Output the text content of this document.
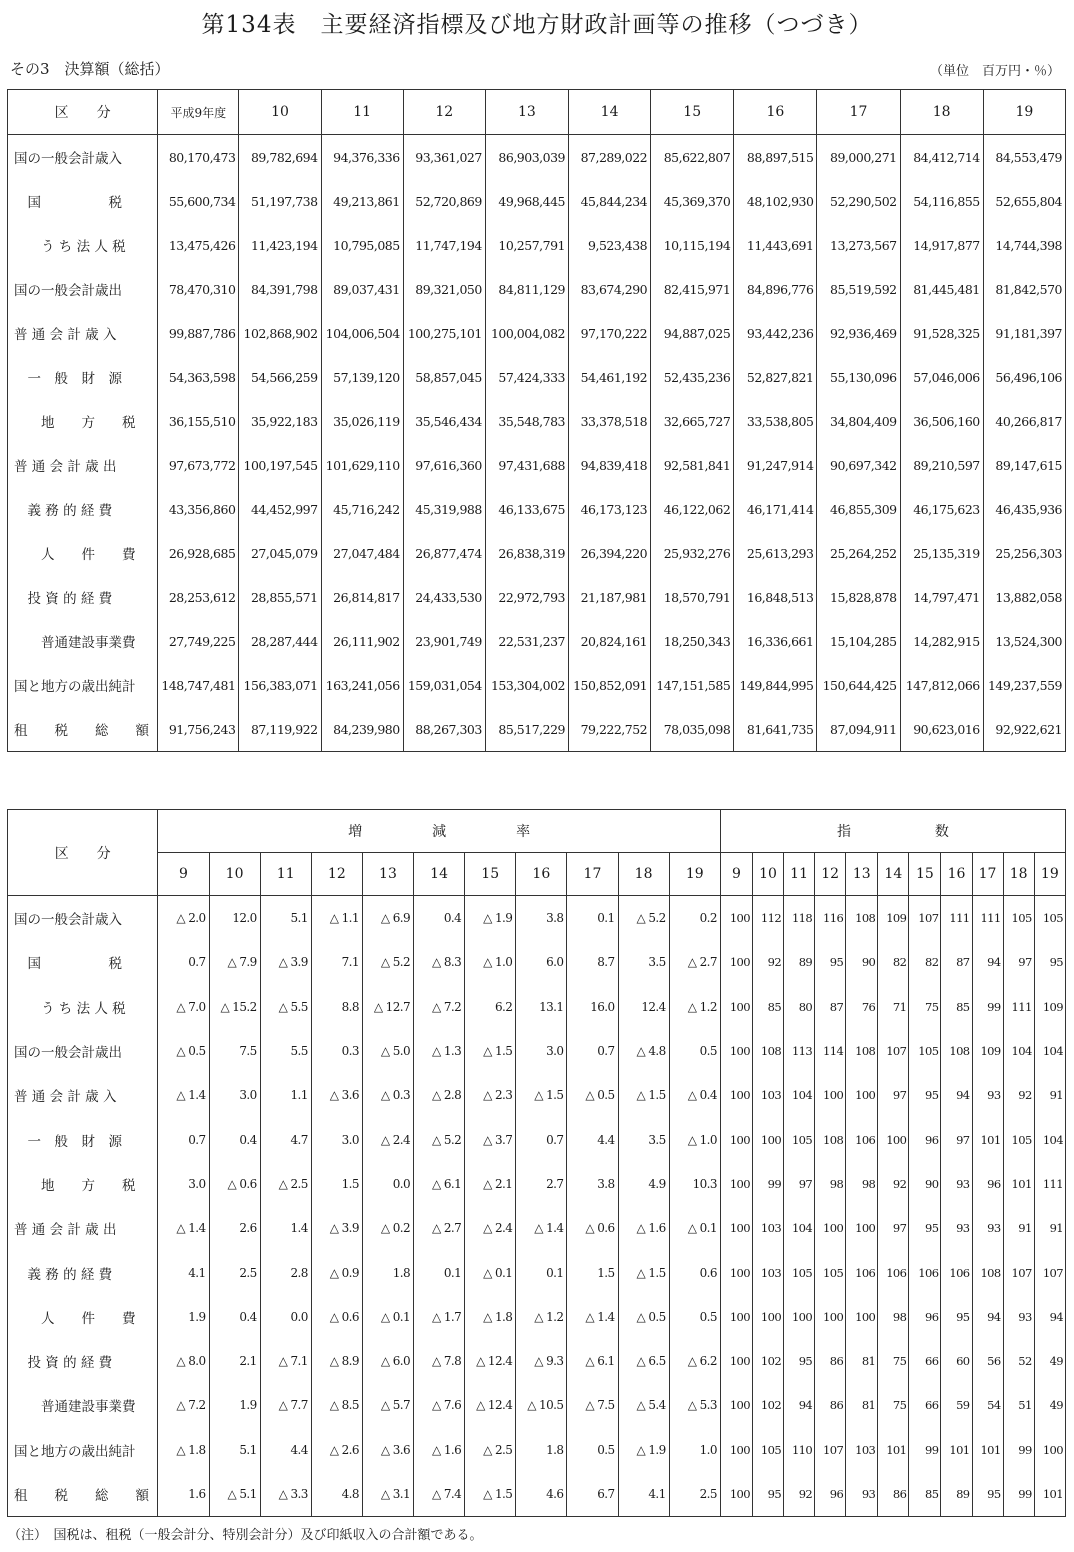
第134表　主要経済指標及び地方財政計画等の推移（つづき）
その3　決算額（総括）	（単位　百万円・％）
区　　分	平成9年度	10	11	12	13	14	15	16	17	18	19
国の一般会計歳入	80,170,473	89,782,694	94,376,336	93,361,027	86,903,039	87,289,022	85,622,807	88,897,515	89,000,271	84,412,714	84,553,479
　国　　　　　税	55,600,734	51,197,738	49,213,861	52,720,869	49,968,445	45,844,234	45,369,370	48,102,930	52,290,502	54,116,855	52,655,804
　　う ち 法 人 税	13,475,426	11,423,194	10,795,085	11,747,194	10,257,791	9,523,438	10,115,194	11,443,691	13,273,567	14,917,877	14,744,398
国の一般会計歳出	78,470,310	84,391,798	89,037,431	89,321,050	84,811,129	83,674,290	82,415,971	84,896,776	85,519,592	81,445,481	81,842,570
普 通 会 計 歳 入	99,887,786	102,868,902	104,006,504	100,275,101	100,004,082	97,170,222	94,887,025	93,442,236	92,936,469	91,528,325	91,181,397
　一　般　財　源	54,363,598	54,566,259	57,139,120	58,857,045	57,424,333	54,461,192	52,435,236	52,827,821	55,130,096	57,046,006	56,496,106
　　地　　方　　税	36,155,510	35,922,183	35,026,119	35,546,434	35,548,783	33,378,518	32,665,727	33,538,805	34,804,409	36,506,160	40,266,817
普 通 会 計 歳 出	97,673,772	100,197,545	101,629,110	97,616,360	97,431,688	94,839,418	92,581,841	91,247,914	90,697,342	89,210,597	89,147,615
　義 務 的 経 費	43,356,860	44,452,997	45,716,242	45,319,988	46,133,675	46,173,123	46,122,062	46,171,414	46,855,309	46,175,623	46,435,936
　　人　　件　　費	26,928,685	27,045,079	27,047,484	26,877,474	26,838,319	26,394,220	25,932,276	25,613,293	25,264,252	25,135,319	25,256,303
　投 資 的 経 費	28,253,612	28,855,571	26,814,817	24,433,530	22,972,793	21,187,981	18,570,791	16,848,513	15,828,878	14,797,471	13,882,058
　　普通建設事業費	27,749,225	28,287,444	26,111,902	23,901,749	22,531,237	20,824,161	18,250,343	16,336,661	15,104,285	14,282,915	13,524,300
国と地方の歳出純計	148,747,481	156,383,071	163,241,056	159,031,054	153,304,002	150,852,091	147,151,585	149,844,995	150,644,425	147,812,066	149,237,559
租　　税　　総　　額	91,756,243	87,119,922	84,239,980	88,267,303	85,517,229	79,222,752	78,035,098	81,641,735	87,094,911	90,623,016	92,922,621
区　　分	増　　　　　減　　　　　率											指　　　　　　数										
	9	10	11	12	13	14	15	16	17	18	19	9	10	11	12	13	14	15	16	17	18	19
国の一般会計歳入	△ 2.0	12.0	5.1	△ 1.1	△ 6.9	0.4	△ 1.9	3.8	0.1	△ 5.2	0.2	100	112	118	116	108	109	107	111	111	105	105
　国　　　　　税	0.7	△ 7.9	△ 3.9	7.1	△ 5.2	△ 8.3	△ 1.0	6.0	8.7	3.5	△ 2.7	100	92	89	95	90	82	82	87	94	97	95
　　う ち 法 人 税	△ 7.0	△ 15.2	△ 5.5	8.8	△ 12.7	△ 7.2	6.2	13.1	16.0	12.4	△ 1.2	100	85	80	87	76	71	75	85	99	111	109
国の一般会計歳出	△ 0.5	7.5	5.5	0.3	△ 5.0	△ 1.3	△ 1.5	3.0	0.7	△ 4.8	0.5	100	108	113	114	108	107	105	108	109	104	104
普 通 会 計 歳 入	△ 1.4	3.0	1.1	△ 3.6	△ 0.3	△ 2.8	△ 2.3	△ 1.5	△ 0.5	△ 1.5	△ 0.4	100	103	104	100	100	97	95	94	93	92	91
　一　般　財　源	0.7	0.4	4.7	3.0	△ 2.4	△ 5.2	△ 3.7	0.7	4.4	3.5	△ 1.0	100	100	105	108	106	100	96	97	101	105	104
　　地　　方　　税	3.0	△ 0.6	△ 2.5	1.5	0.0	△ 6.1	△ 2.1	2.7	3.8	4.9	10.3	100	99	97	98	98	92	90	93	96	101	111
普 通 会 計 歳 出	△ 1.4	2.6	1.4	△ 3.9	△ 0.2	△ 2.7	△ 2.4	△ 1.4	△ 0.6	△ 1.6	△ 0.1	100	103	104	100	100	97	95	93	93	91	91
　義 務 的 経 費	4.1	2.5	2.8	△ 0.9	1.8	0.1	△ 0.1	0.1	1.5	△ 1.5	0.6	100	103	105	105	106	106	106	106	108	107	107
　　人　　件　　費	1.9	0.4	0.0	△ 0.6	△ 0.1	△ 1.7	△ 1.8	△ 1.2	△ 1.4	△ 0.5	0.5	100	100	100	100	100	98	96	95	94	93	94
　投 資 的 経 費	△ 8.0	2.1	△ 7.1	△ 8.9	△ 6.0	△ 7.8	△ 12.4	△ 9.3	△ 6.1	△ 6.5	△ 6.2	100	102	95	86	81	75	66	60	56	52	49
　　普通建設事業費	△ 7.2	1.9	△ 7.7	△ 8.5	△ 5.7	△ 7.6	△ 12.4	△ 10.5	△ 7.5	△ 5.4	△ 5.3	100	102	94	86	81	75	66	59	54	51	49
国と地方の歳出純計	△ 1.8	5.1	4.4	△ 2.6	△ 3.6	△ 1.6	△ 2.5	1.8	0.5	△ 1.9	1.0	100	105	110	107	103	101	99	101	101	99	100
租　　税　　総　　額	1.6	△ 5.1	△ 3.3	4.8	△ 3.1	△ 7.4	△ 1.5	4.6	6.7	4.1	2.5	100	95	92	96	93	86	85	89	95	99	101
（注）　国税は、租税（一般会計分、特別会計分）及び印紙収入の合計額である。
